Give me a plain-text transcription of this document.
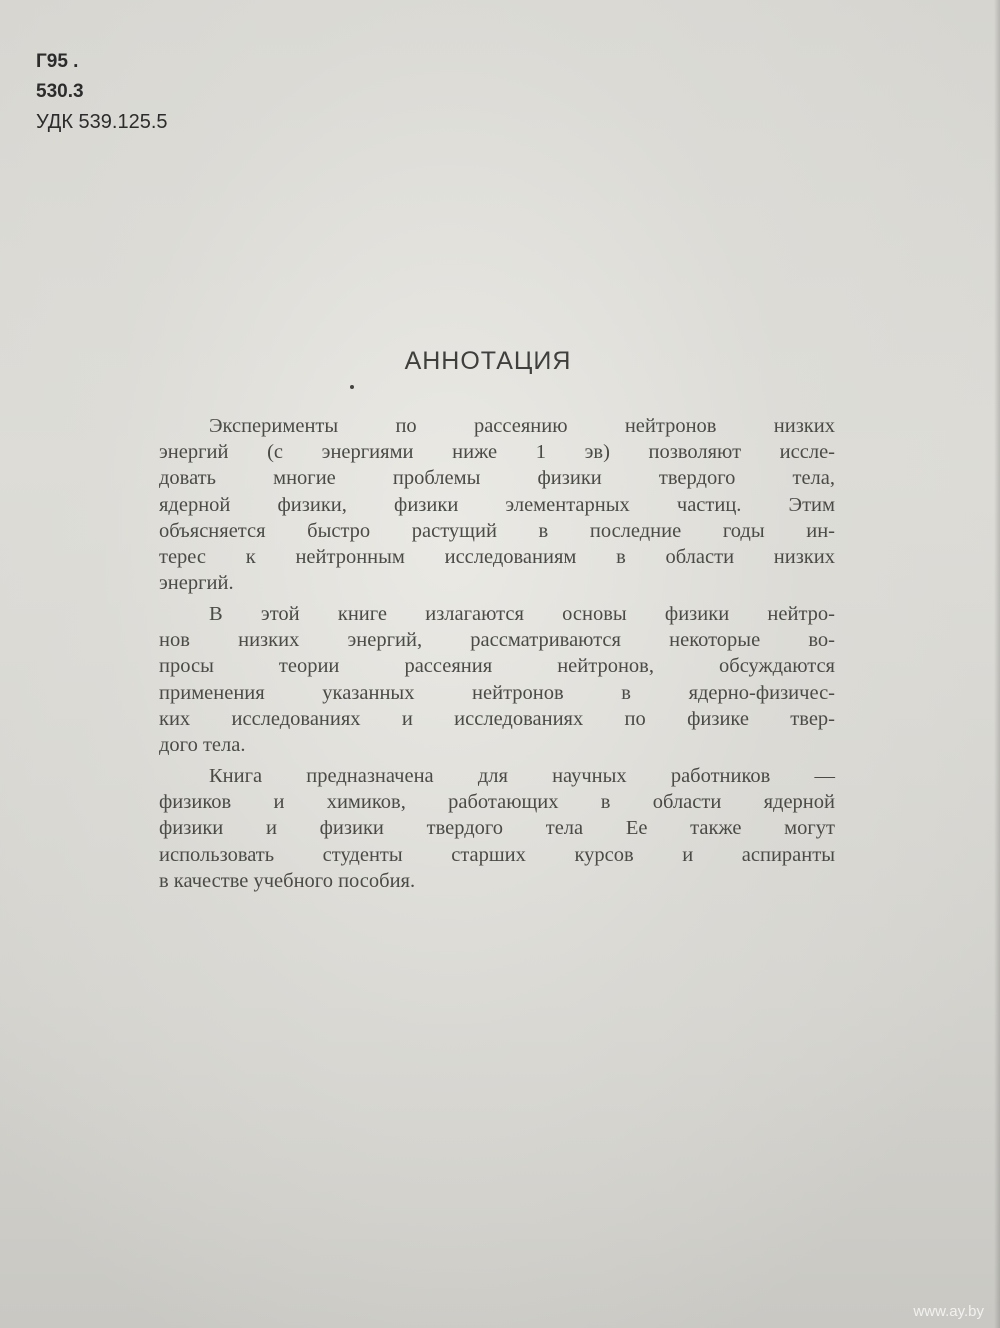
Г95 .
530.3
УДК 539.125.5
АННОТАЦИЯ
Эксперименты по рассеянию нейтронов низких
энергий (с энергиями ниже 1 эв) позволяют иссле-
довать многие проблемы физики твердого тела,
ядерной физики, физики элементарных частиц. Этим
объясняется быстро растущий в последние годы ин-
терес к нейтронным исследованиям в области низких
энергий.
В этой книге излагаются основы физики нейтро-
нов низких энергий, рассматриваются некоторые во-
просы теории рассеяния нейтронов, обсуждаются
применения указанных нейтронов в ядерно-физичес-
ких исследованиях и исследованиях по физике твер-
дого тела.
Книга предназначена для научных работников —
физиков и химиков, работающих в области ядерной
физики и физики твердого тела Ее также могут
использовать студенты старших курсов и аспиранты
в качестве учебного пособия.
www.ay.by
